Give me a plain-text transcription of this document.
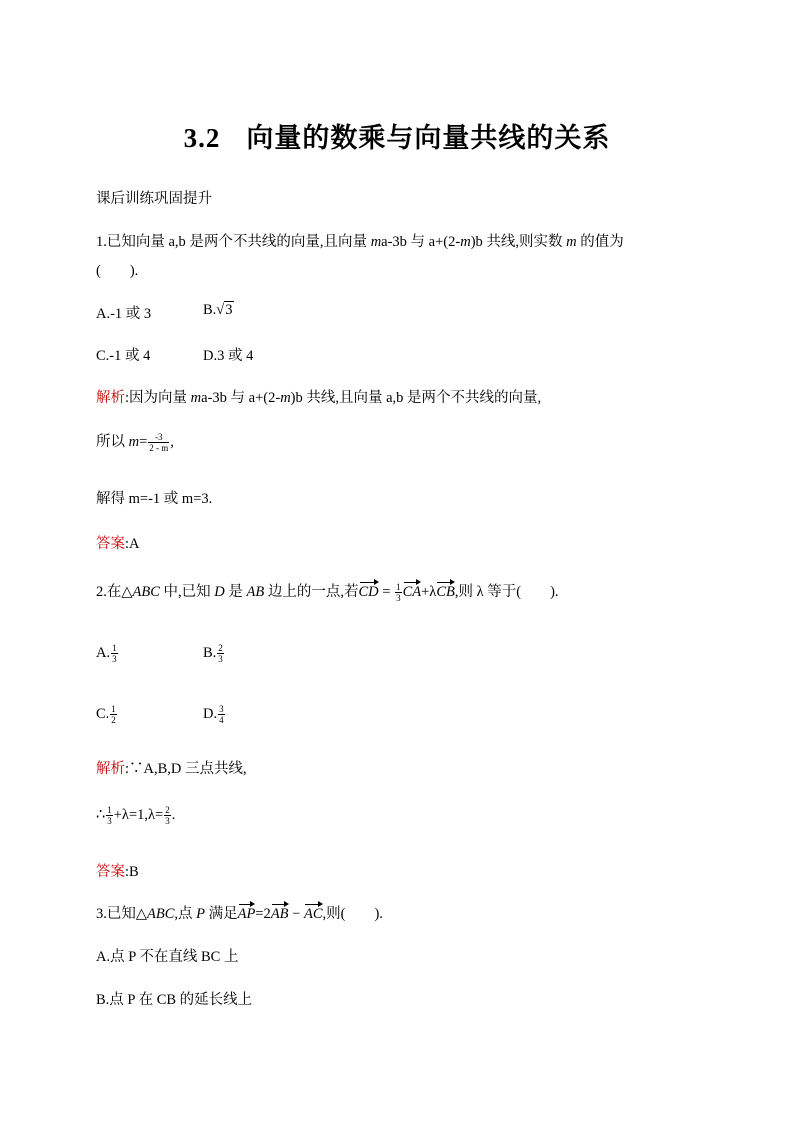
3.2 向量的数乘与向量共线的关系
课后训练巩固提升
1.已知向量 a,b 是两个不共线的向量,且向量 ma-3b 与 a+(2-m)b 共线,则实数 m 的值为
(　　).
A.-1 或 3	B.√3
C.-1 或 4	D.3 或 4
解析:因为向量 ma-3b 与 a+(2-m)b 共线,且向量 a,b 是两个不共线的向量,
所以 $m= \frac{-3}{2 - m}$ ,
解得 m=-1 或 m=3.
答案:A
2.在△ABC 中,已知 D 是 AB 边上的一点,若CD = $\frac{1}{3} CA+\lambda CB$,则 λ 等于(　　).
A. $\frac{1}{3}$	B. $\frac{2}{3}$
C. $\frac{1}{2}$	D. $\frac{3}{4}$
解析:∵A,B,D 三点共线,
∴ $\frac{1}{3} +\lambda=1,\lambda= \frac{2}{3}$ .
答案:B
3.已知△ABC,点 P 满足AP=2AB − AC,则(　　).
A.点 P 不在直线 BC 上
B.点 P 在 CB 的延长线上
